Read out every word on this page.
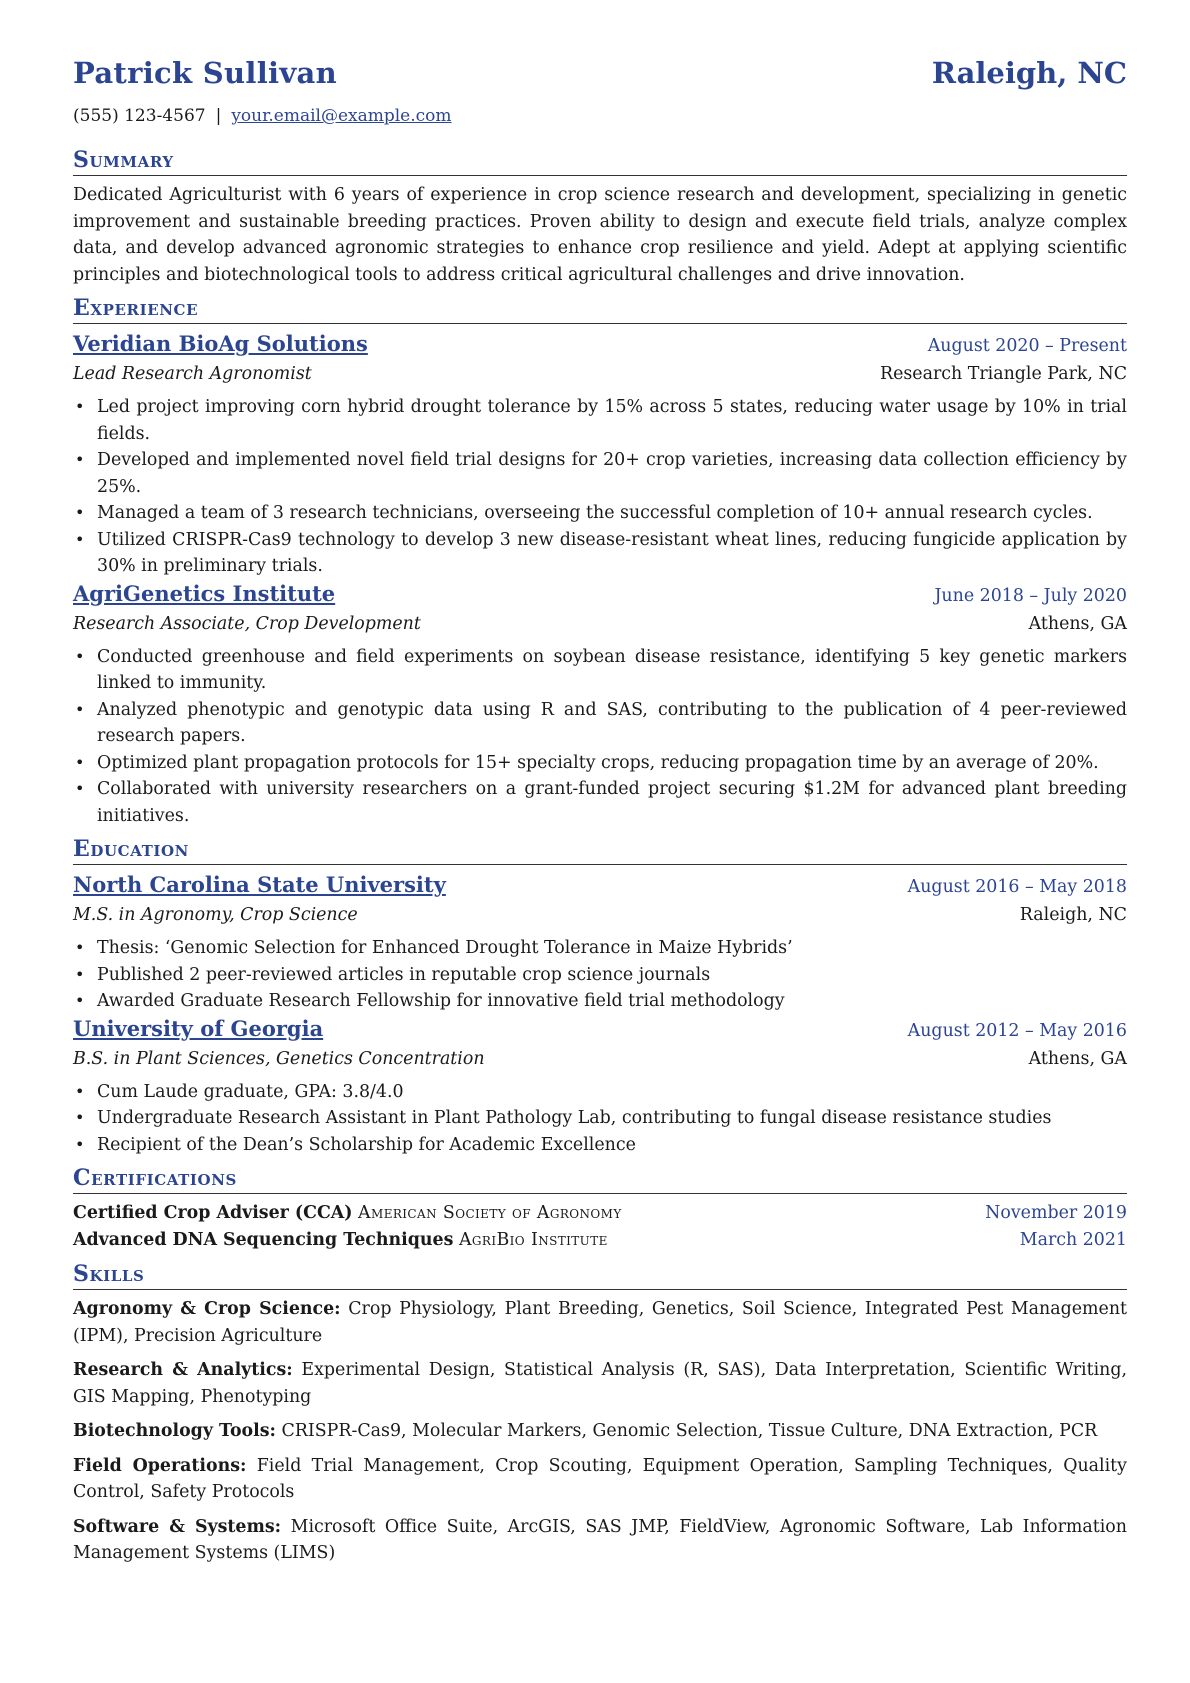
Patrick Sullivan	Raleigh, NC
(555) 123-4567 | your.email@example.com
Summary
Dedicated Agriculturist with 6 years of experience in crop science research and development, specializing in genetic improvement and sustainable breeding practices. Proven ability to design and execute field trials, analyze complex data, and develop advanced agronomic strategies to enhance crop resilience and yield. Adept at applying scientific principles and biotechnological tools to address critical agricultural challenges and drive innovation.
Experience
Veridian BioAg Solutions	August 2020 – Present
Lead Research Agronomist	Research Triangle Park, NC
• Led project improving corn hybrid drought tolerance by 15% across 5 states, reducing water usage by 10% in trial fields.
• Developed and implemented novel field trial designs for 20+ crop varieties, increasing data collection efficiency by 25%.
• Managed a team of 3 research technicians, overseeing the successful completion of 10+ annual research cycles.
• Utilized CRISPR-Cas9 technology to develop 3 new disease-resistant wheat lines, reducing fungicide application by 30% in preliminary trials.
AgriGenetics Institute	June 2018 – July 2020
Research Associate, Crop Development	Athens, GA
• Conducted greenhouse and field experiments on soybean disease resistance, identifying 5 key genetic markers linked to immunity.
• Analyzed phenotypic and genotypic data using R and SAS, contributing to the publication of 4 peer-reviewed research papers.
• Optimized plant propagation protocols for 15+ specialty crops, reducing propagation time by an average of 20%.
• Collaborated with university researchers on a grant-funded project securing $1.2M for advanced plant breeding initiatives.
Education
North Carolina State University	August 2016 – May 2018
M.S. in Agronomy, Crop Science	Raleigh, NC
• Thesis: ‘Genomic Selection for Enhanced Drought Tolerance in Maize Hybrids’
• Published 2 peer-reviewed articles in reputable crop science journals
• Awarded Graduate Research Fellowship for innovative field trial methodology
University of Georgia	August 2012 – May 2016
B.S. in Plant Sciences, Genetics Concentration	Athens, GA
• Cum Laude graduate, GPA: 3.8/4.0
• Undergraduate Research Assistant in Plant Pathology Lab, contributing to fungal disease resistance studies
• Recipient of the Dean’s Scholarship for Academic Excellence
Certifications
Certified Crop Adviser (CCA) American Society of Agronomy	November 2019
Advanced DNA Sequencing Techniques AgriBio Institute	March 2021
Skills
Agronomy & Crop Science: Crop Physiology, Plant Breeding, Genetics, Soil Science, Integrated Pest Management (IPM), Precision Agriculture
Research & Analytics: Experimental Design, Statistical Analysis (R, SAS), Data Interpretation, Scientific Writing, GIS Mapping, Phenotyping
Biotechnology Tools: CRISPR-Cas9, Molecular Markers, Genomic Selection, Tissue Culture, DNA Extraction, PCR
Field Operations: Field Trial Management, Crop Scouting, Equipment Operation, Sampling Techniques, Quality Control, Safety Protocols
Software & Systems: Microsoft Office Suite, ArcGIS, SAS JMP, FieldView, Agronomic Software, Lab Information Management Systems (LIMS)
